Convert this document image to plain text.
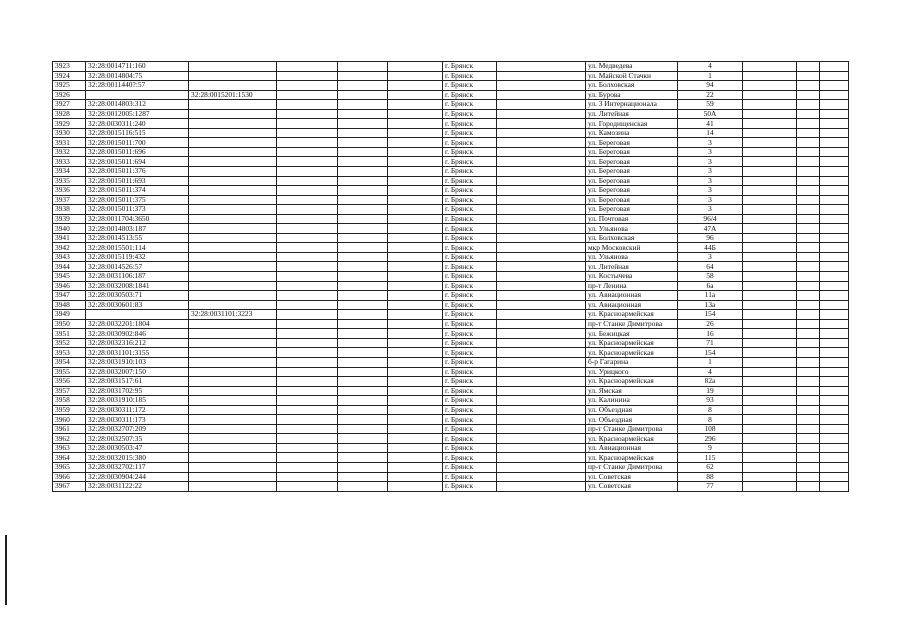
3923	32:28:0014711:160					г. Брянск		ул. Медведева	4			
3924	32:28:0014804:75					г. Брянск		ул. Майской Стачки	1			
3925	32:28:0011440?:57					г. Брянск		ул. Болховская	94			
3926		32:28:0015201:1530				г. Брянск		ул. Бурова	22			
3927	32:28:0014803:312					г. Брянск		ул. 3 Интернационала	59			
3928	32:28:0012005:1287					г. Брянск		ул. Литейная	50А			
3929	32:28:0030311:240					г. Брянск		ул. Городищенская	41			
3930	32:28:0015116:515					г. Брянск		ул. Камозина	14			
3931	32:28:0015011:700					г. Брянск		ул. Береговая	3			
3932	32:28:0015011:696					г. Брянск		ул. Береговая	3			
3933	32:28:0015011:694					г. Брянск		ул. Береговая	3			
3934	32:28:0015011:376					г. Брянск		ул. Береговая	3			
3935	32:28:0015011:693					г. Брянск		ул. Береговая	3			
3936	32:28:0015011:374					г. Брянск		ул. Береговая	3			
3937	32:28:0015011:375					г. Брянск		ул. Береговая	3			
3938	32:28:0015011:373					г. Брянск		ул. Береговая	3			
3939	32:28:0011704:3650					г. Брянск		ул. Почтовая	96/4			
3940	32:28:0014803:187					г. Брянск		ул. Ульянова	47А			
3941	32:28:0014513:55					г. Брянск		ул. Болховская	96			
3942	32:28:0015501:114					г. Брянск		мкр Московский	44Б			
3943	32:28:0015119:432					г. Брянск		ул. Ульянова	3			
3944	32:28:0014526:57					г. Брянск		ул. Литейная	64			
3945	32:28:0031106:187					г. Брянск		ул. Костычева	58			
3946	32:28:0032008:1841					г. Брянск		пр-т Ленина	6а			
3947	32:28:0030503:71					г. Брянск		ул. Авиационная	11а			
3948	32:28:0030601:83					г. Брянск		ул. Авиационная	13а			
3949		32:28:0031101:3223				г. Брянск		ул. Красноармейская	154			
3950	32:28:0032201:1804					г. Брянск		пр-т Станке Димитрова	26			
3951	32:28:0030902:846					г. Брянск		ул. Бежицкая	16			
3952	32:28:0032316:212					г. Брянск		ул. Красноармейская	71			
3953	32:28:0031101:3155					г. Брянск		ул. Красноармейская	154			
3954	32:28:0031910:103					г. Брянск		б-р Гагарина	1			
3955	32:28:0032007:150					г. Брянск		ул. Урицкого	4			
3956	32:28:0031517:61					г. Брянск		ул. Красноармейская	82а			
3957	32:28:0031702:95					г. Брянск		ул. Ямская	19			
3958	32:28:0031910:185					г. Брянск		ул. Калинина	93			
3959	32:28:0030311:172					г. Брянск		ул. Объездная	8			
3960	32:28:0030311:173					г. Брянск		ул. Объездная	8			
3961	32:28:0032707:209					г. Брянск		пр-т Станке Димитрова	108			
3962	32:28:0032507:35					г. Брянск		ул. Красноармейская	296			
3963	32:28:0030503:47					г. Брянск		ул. Авиационная	9			
3964	32:28:0032015:380					г. Брянск		ул. Красноармейская	115			
3965	32:28:0032702:117					г. Брянск		пр-т Станке Димитрова	62			
3966	32:28:0030904:244					г. Брянск		ул. Советская	88			
3967	32:28:0031122:22					г. Брянск		ул. Советская	77			
